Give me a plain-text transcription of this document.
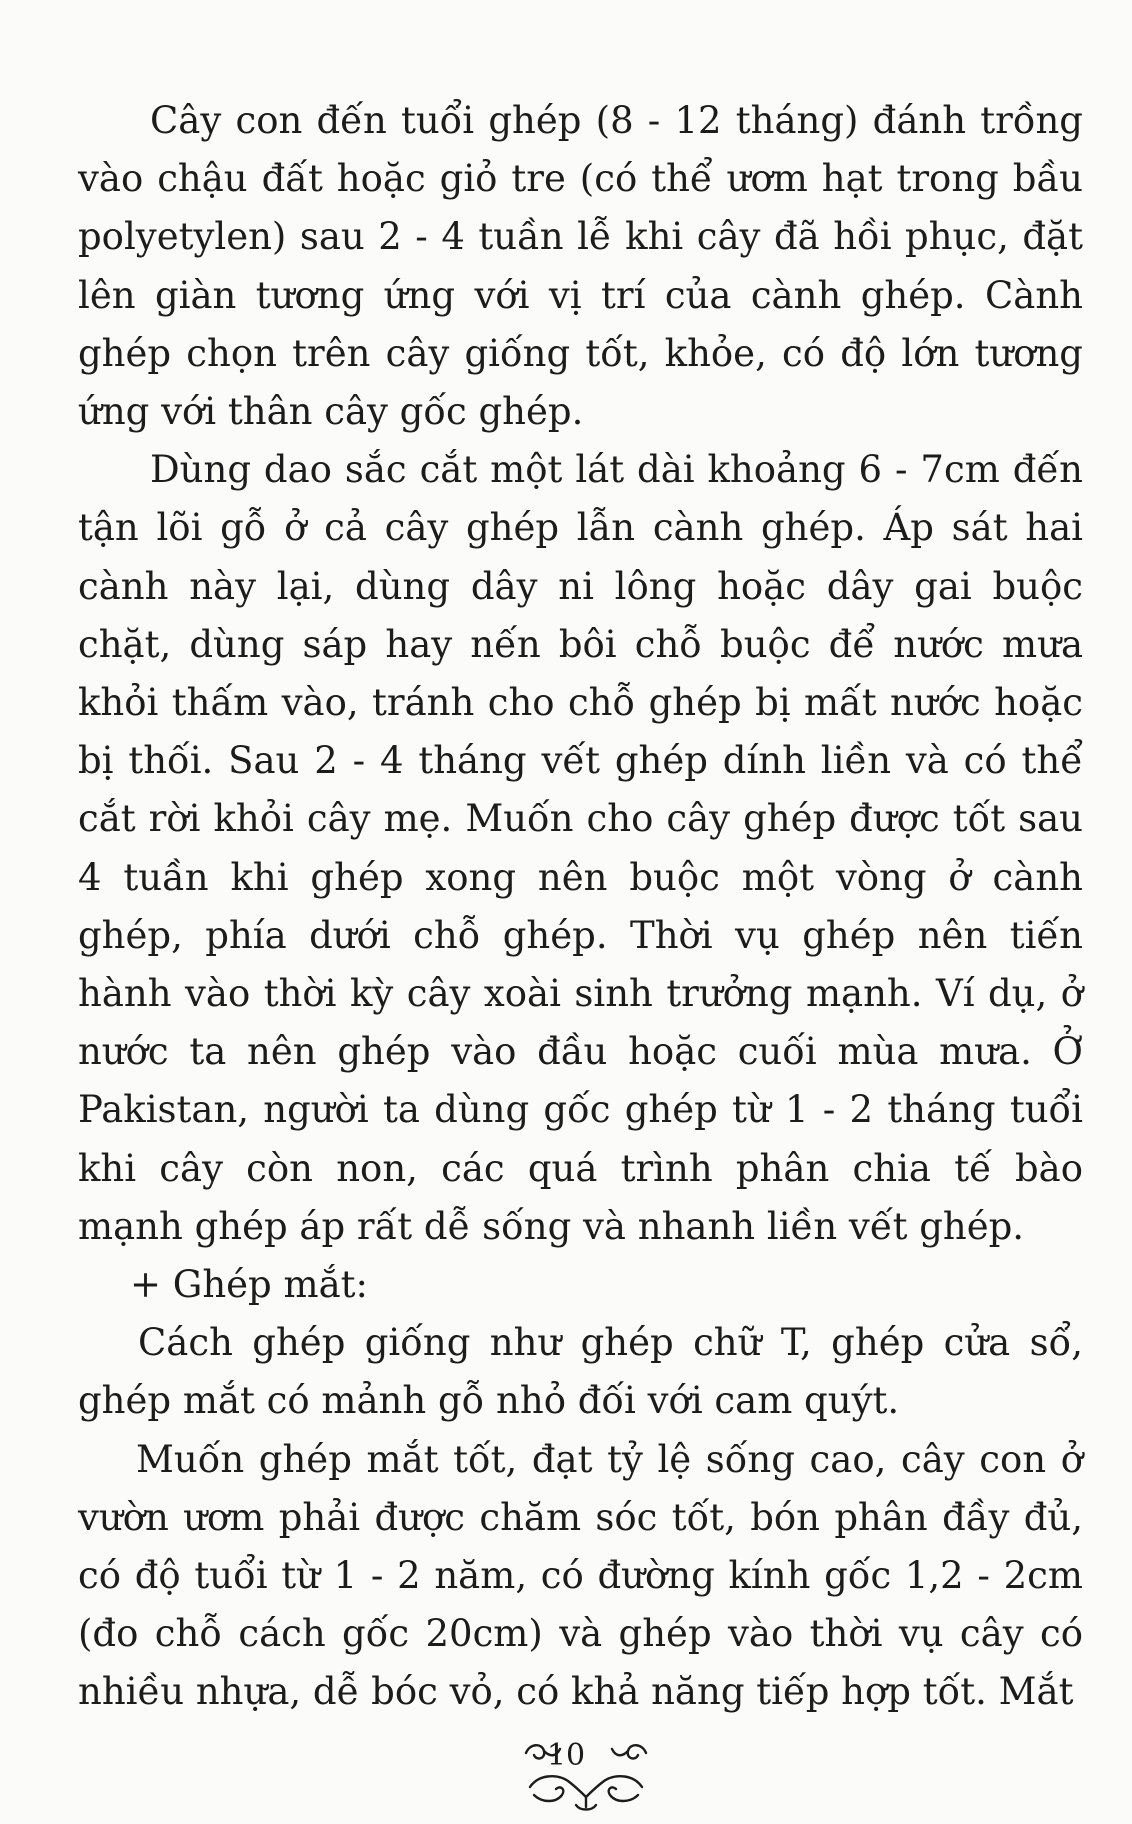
Cây con đến tuổi ghép (8 - 12 tháng) đánh trồng vào chậu đất hoặc giỏ tre (có thể ươm hạt trong bầu polyetylen) sau 2 - 4 tuần lễ khi cây đã hồi phục, đặt lên giàn tương ứng với vị trí của cành ghép. Cành ghép chọn trên cây giống tốt, khỏe, có độ lớn tương ứng với thân cây gốc ghép.

Dùng dao sắc cắt một lát dài khoảng 6 - 7cm đến tận lõi gỗ ở cả cây ghép lẫn cành ghép. Áp sát hai cành này lại, dùng dây ni lông hoặc dây gai buộc chặt, dùng sáp hay nến bôi chỗ buộc để nước mưa khỏi thấm vào, tránh cho chỗ ghép bị mất nước hoặc bị thối. Sau 2 - 4 tháng vết ghép dính liền và có thể cắt rời khỏi cây mẹ. Muốn cho cây ghép được tốt sau 4 tuần khi ghép xong nên buộc một vòng ở cành ghép, phía dưới chỗ ghép. Thời vụ ghép nên tiến hành vào thời kỳ cây xoài sinh trưởng mạnh. Ví dụ, ở nước ta nên ghép vào đầu hoặc cuối mùa mưa. Ở Pakistan, người ta dùng gốc ghép từ 1 - 2 tháng tuổi khi cây còn non, các quá trình phân chia tế bào mạnh ghép áp rất dễ sống và nhanh liền vết ghép.

+ Ghép mắt:

Cách ghép giống như ghép chữ T, ghép cửa sổ, ghép mắt có mảnh gỗ nhỏ đối với cam quýt.

Muốn ghép mắt tốt, đạt tỷ lệ sống cao, cây con ở vườn ươm phải được chăm sóc tốt, bón phân đầy đủ, có độ tuổi từ 1 - 2 năm, có đường kính gốc 1,2 - 2cm (đo chỗ cách gốc 20cm) và ghép vào thời vụ cây có nhiều nhựa, dễ bóc vỏ, có khả năng tiếp hợp tốt. Mắt

10
